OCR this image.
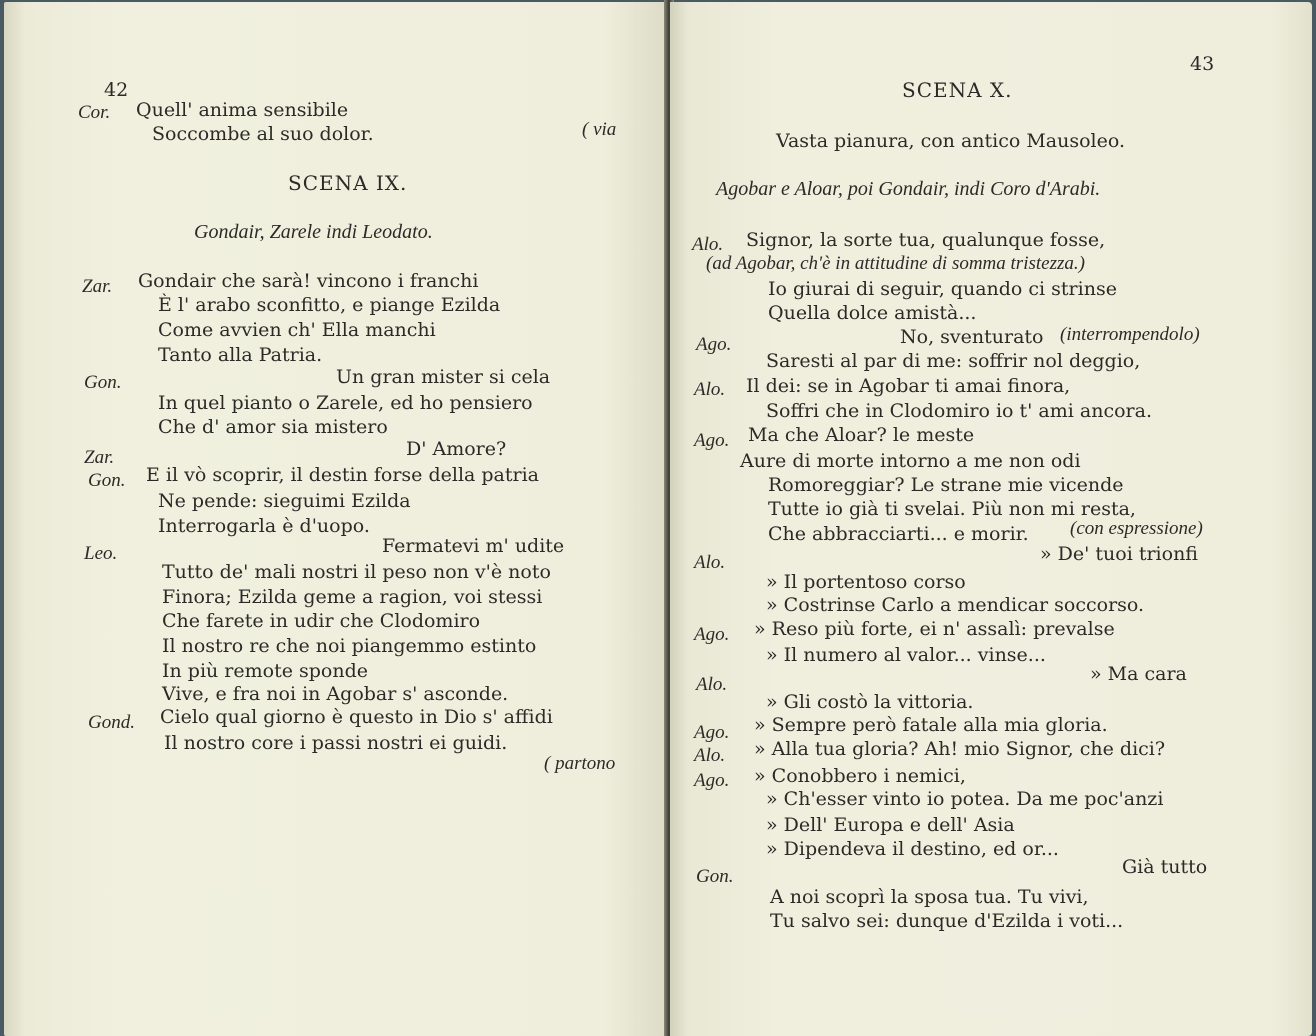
42
Cor. Quell' anima sensibile
Soccombe al suo dolor.	( via
SCENA IX.
Gondair, Zarele indi Leodato.
Zar. Gondair che sarà! vincono i franchi
È l' arabo sconfitto, e piange Ezilda
Come avvien ch' Ella manchi
Tanto alla Patria.
Gon.	Un gran mister si cela
In quel pianto o Zarele, ed ho pensiero
Che d' amor sia mistero
Zar.	D' Amore?
Gon. E il vò scoprir, il destin forse della patria
Ne pende: sieguimi Ezilda
Interrogarla è d'uopo.
Leo.	Fermatevi m' udite
Tutto de' mali nostri il peso non v'è noto
Finora; Ezilda geme a ragion, voi stessi
Che farete in udir che Clodomiro
Il nostro re che noi piangemmo estinto
In più remote sponde
Vive, e fra noi in Agobar s' asconde.
Gond. Cielo qual giorno è questo in Dio s' affidi
Il nostro core i passi nostri ei guidi.
( partono
43
SCENA X.
Vasta pianura, con antico Mausoleo.
Agobar e Aloar, poi Gondair, indi Coro d'Arabi.
Alo. Signor, la sorte tua, qualunque fosse,
(ad Agobar, ch'è in attitudine di somma tristezza.)
Io giurai di seguir, quando ci strinse
Quella dolce amistà...
Ago.	No, sventurato (interrompendolo)
Saresti al par di me: soffrir nol deggio,
Alo. Il dei: se in Agobar ti amai finora,
Soffri che in Clodomiro io t' ami ancora.
Ago. Ma che Aloar? le meste
Aure di morte intorno a me non odi
Romoreggiar? Le strane mie vicende
Tutte io già ti svelai. Più non mi resta,
Che abbracciarti... e morir. (con espressione)
Alo.	» De' tuoi trionfi
» Il portentoso corso
» Costrinse Carlo a mendicar soccorso.
Ago. » Reso più forte, ei n' assalì: prevalse
» Il numero al valor... vinse...
Alo.	» Ma cara
» Gli costò la vittoria.
Ago. » Sempre però fatale alla mia gloria.
Alo. » Alla tua gloria? Ah! mio Signor, che dici?
Ago. » Conobbero i nemici,
» Ch'esser vinto io potea. Da me poc'anzi
» Dell' Europa e dell' Asia
» Dipendeva il destino, ed or...
Gon.	Già tutto
A noi scoprì la sposa tua. Tu vivi,
Tu salvo sei: dunque d'Ezilda i voti...
